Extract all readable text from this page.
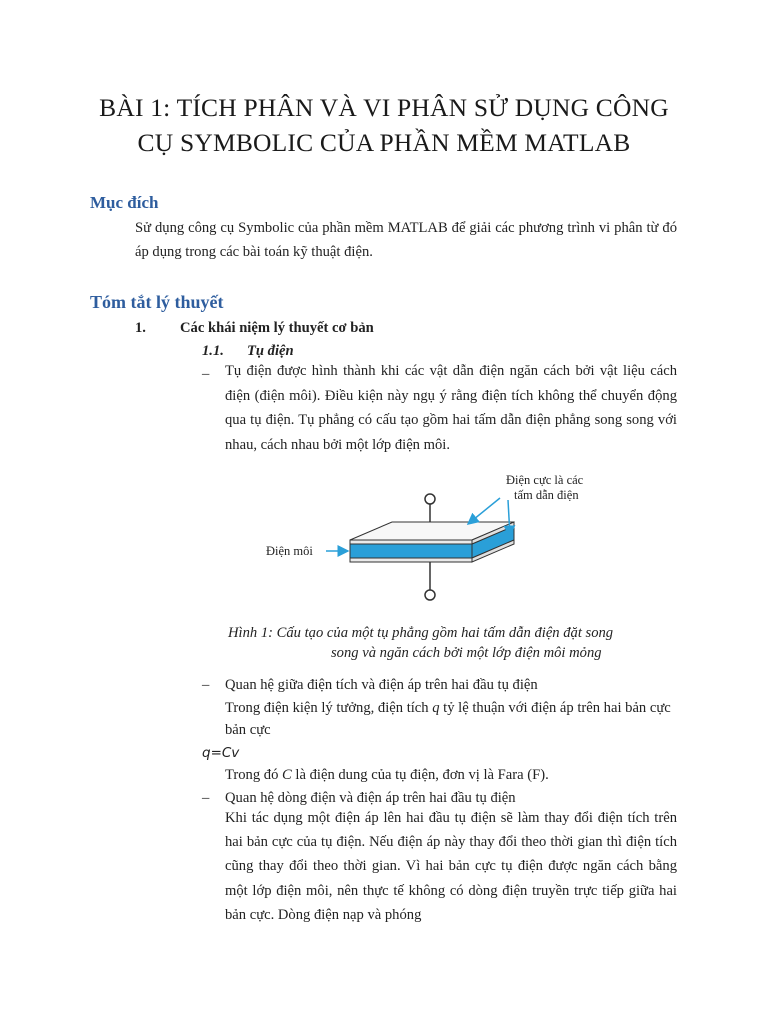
BÀI 1: TÍCH PHÂN VÀ VI PHÂN SỬ DỤNG CÔNG
CỤ SYMBOLIC CỦA PHẦN MỀM MATLAB
Mục đích
Sử dụng công cụ Symbolic của phần mềm MATLAB để giải các phương trình vi phân từ đó áp dụng trong các bài toán kỹ thuật điện.
Tóm tắt lý thuyết
1. Các khái niệm lý thuyết cơ bản
1.1. Tụ điện
– Tụ điện được hình thành khi các vật dẫn điện ngăn cách bởi vật liệu cách điện (điện môi). Điều kiện này ngụ ý rằng điện tích không thể chuyển động qua tụ điện. Tụ phẳng có cấu tạo gồm hai tấm dẫn điện phẳng song song với nhau, cách nhau bởi một lớp điện môi.
Điện môi
Điện cực là các
tấm dẫn điện
Hình 1: Cấu tạo của một tụ phẳng gồm hai tấm dẫn điện đặt song
song và ngăn cách bởi một lớp điện môi mỏng
– Quan hệ giữa điện tích và điện áp trên hai đầu tụ điện
Trong điện kiện lý tưởng, điện tích q tỷ lệ thuận với điện áp trên hai bản cực
bản cực
q=Cv
Trong đó C là điện dung của tụ điện, đơn vị là Fara (F).
– Quan hệ dòng điện và điện áp trên hai đầu tụ điện
Khi tác dụng một điện áp lên hai đầu tụ điện sẽ làm thay đổi điện tích trên hai bản cực của tụ điện. Nếu điện áp này thay đổi theo thời gian thì điện tích cũng thay đổi theo thời gian. Vì hai bản cực tụ điện được ngăn cách bằng một lớp điện môi, nên thực tế không có dòng điện truyền trực tiếp giữa hai bản cực. Dòng điện nạp và phóng
